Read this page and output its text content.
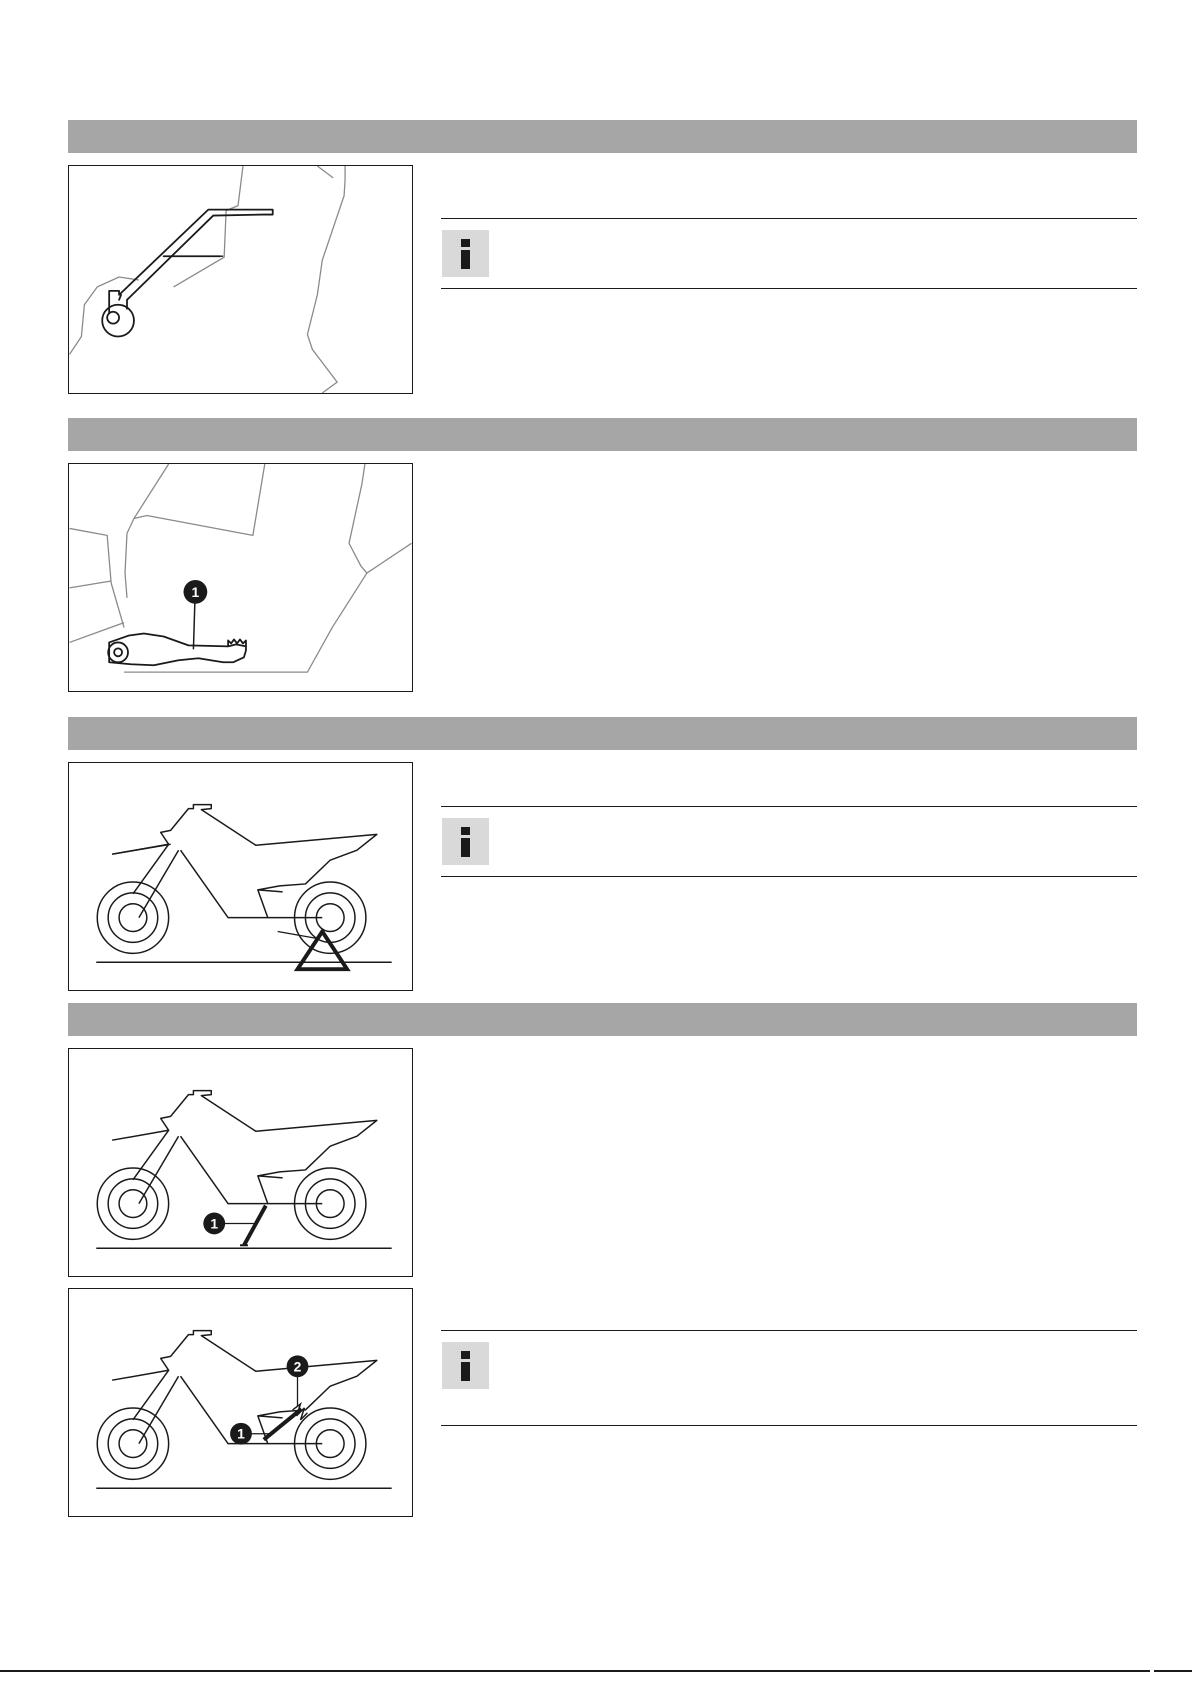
1
1
2
1
